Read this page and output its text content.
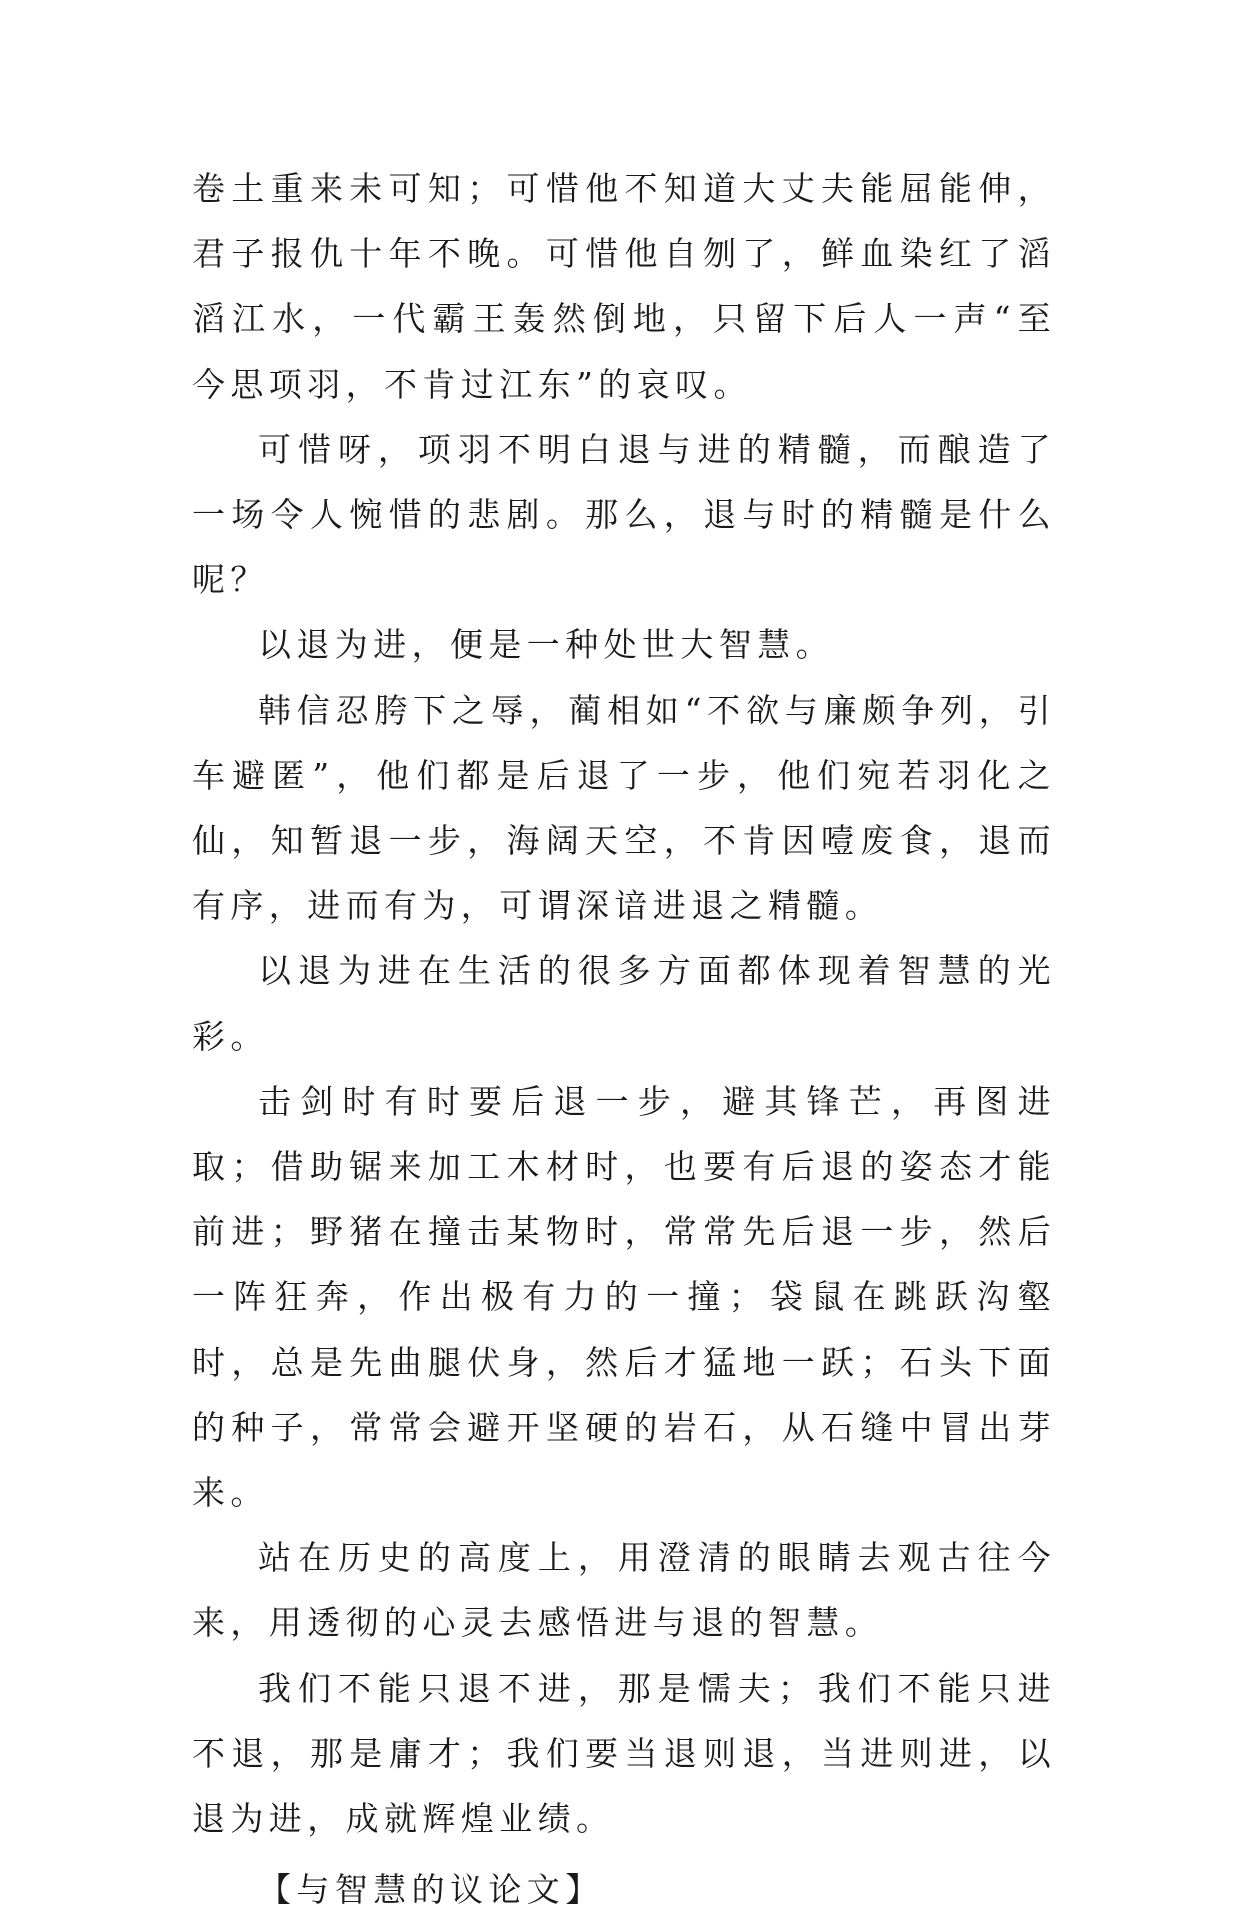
卷土重来未可知；可惜他不知道大丈夫能屈能伸，君子报仇十年不晚。可惜他自刎了，鲜血染红了滔滔江水，一代霸王轰然倒地，只留下后人一声“至今思项羽，不肯过江东”的哀叹。

可惜呀，项羽不明白退与进的精髓，而酿造了一场令人惋惜的悲剧。那么，退与时的精髓是什么呢？

以退为进，便是一种处世大智慧。

韩信忍胯下之辱，蔺相如“不欲与廉颇争列，引车避匿”，他们都是后退了一步，他们宛若羽化之仙，知暂退一步，海阔天空，不肯因噎废食，退而有序，进而有为，可谓深谙进退之精髓。

以退为进在生活的很多方面都体现着智慧的光彩。

击剑时有时要后退一步，避其锋芒，再图进取；借助锯来加工木材时，也要有后退的姿态才能前进；野猪在撞击某物时，常常先后退一步，然后一阵狂奔，作出极有力的一撞；袋鼠在跳跃沟壑时，总是先曲腿伏身，然后才猛地一跃；石头下面的种子，常常会避开坚硬的岩石，从石缝中冒出芽来。

站在历史的高度上，用澄清的眼睛去观古往今来，用透彻的心灵去感悟进与退的智慧。

我们不能只退不进，那是懦夫；我们不能只进不退，那是庸才；我们要当退则退，当进则进，以退为进，成就辉煌业绩。

【与智慧的议论文】
